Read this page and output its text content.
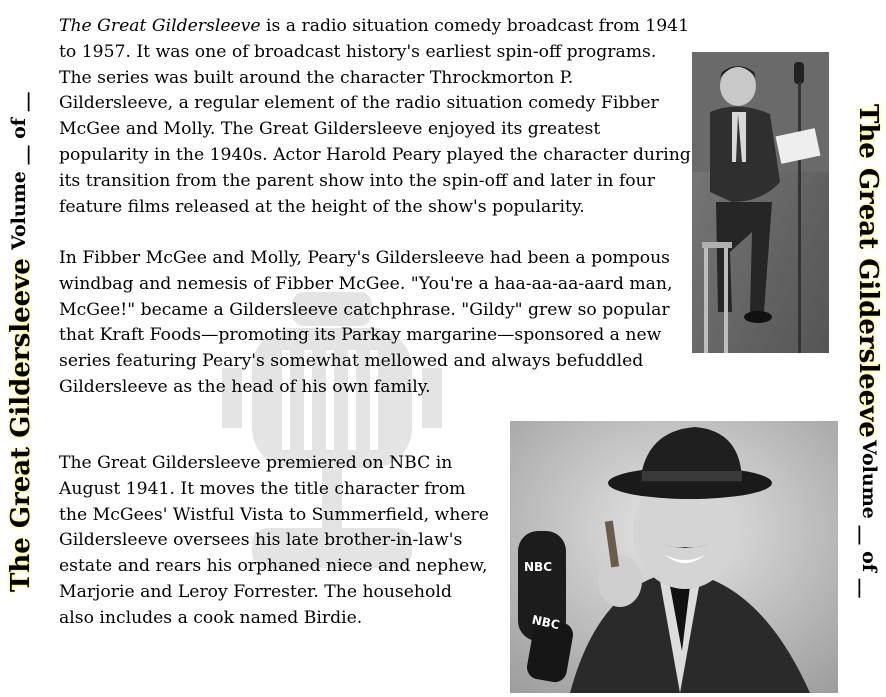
The Great Gildersleeve
Volume __ of __	The Great Gildersleeve
Volume __ of __

The Great Gildersleeve is a radio situation comedy broadcast from 1941 to 1957. It was one of broadcast history's earliest spin-off programs. The series was built around the character Throckmorton P. Gildersleeve, a regular element of the radio situation comedy Fibber McGee and Molly. The Great Gildersleeve enjoyed its greatest popularity in the 1940s. Actor Harold Peary played the character during its transition from the parent show into the spin-off and later in four feature films released at the height of the show's popularity.

In Fibber McGee and Molly, Peary's Gildersleeve had been a pompous windbag and nemesis of Fibber McGee. "You're a haa-aa-aa-aard man, McGee!" became a Gildersleeve catchphrase. "Gildy" grew so popular that Kraft Foods—promoting its Parkay margarine—sponsored a new series featuring Peary's somewhat mellowed and always befuddled Gildersleeve as the head of his own family.

The Great Gildersleeve premiered on NBC in August 1941. It moves the title character from the McGees' Wistful Vista to Summerfield, where Gildersleeve oversees his late brother-in-law's estate and rears his orphaned niece and nephew, Marjorie and Leroy Forrester. The household also includes a cook named Birdie.

NBC
NBC
